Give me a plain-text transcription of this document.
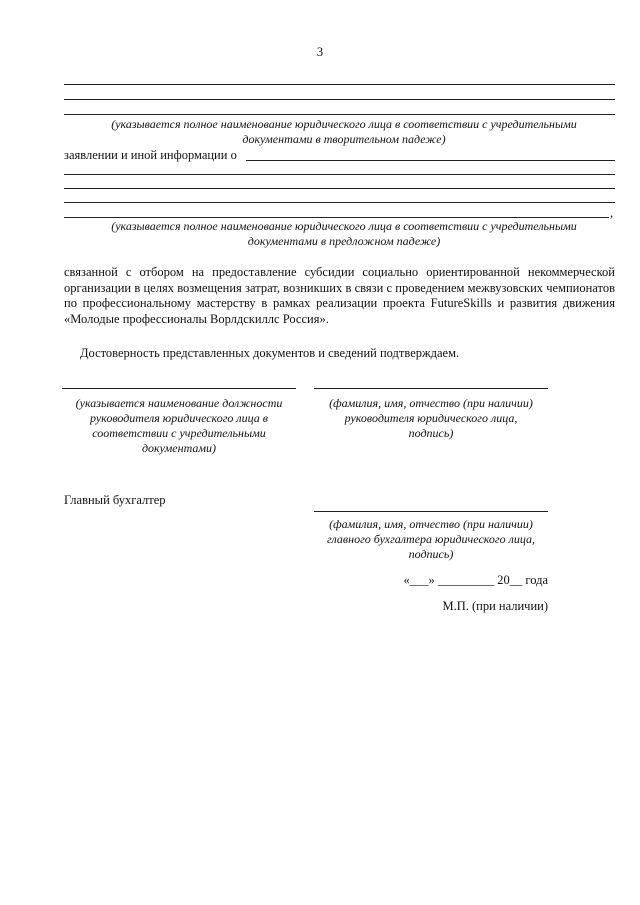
3
(указывается полное наименование юридического лица в соответствии с учредительными документами в творительном падеже)
заявлении и иной информации о
,
(указывается полное наименование юридического лица в соответствии с учредительными документами в предложном падеже)
связанной с отбором на предоставление субсидии социально ориентированной некоммерческой организации в целях возмещения затрат, возникших в связи с проведением межвузовских чемпионатов по профессиональному мастерству в рамках реализации проекта FutureSkills и развития движения «Молодые профессионалы Ворлдскиллс Россия».
Достоверность представленных документов и сведений подтверждаем.
(указывается наименование должности
руководителя юридического лица в
соответствии с учредительными
документами)
(фамилия, имя, отчество (при наличии)
руководителя юридического лица,
подпись)
Главный бухгалтер
(фамилия, имя, отчество (при наличии)
главного бухгалтера юридического лица,
подпись)
«___» _________ 20__ года
М.П. (при наличии)
